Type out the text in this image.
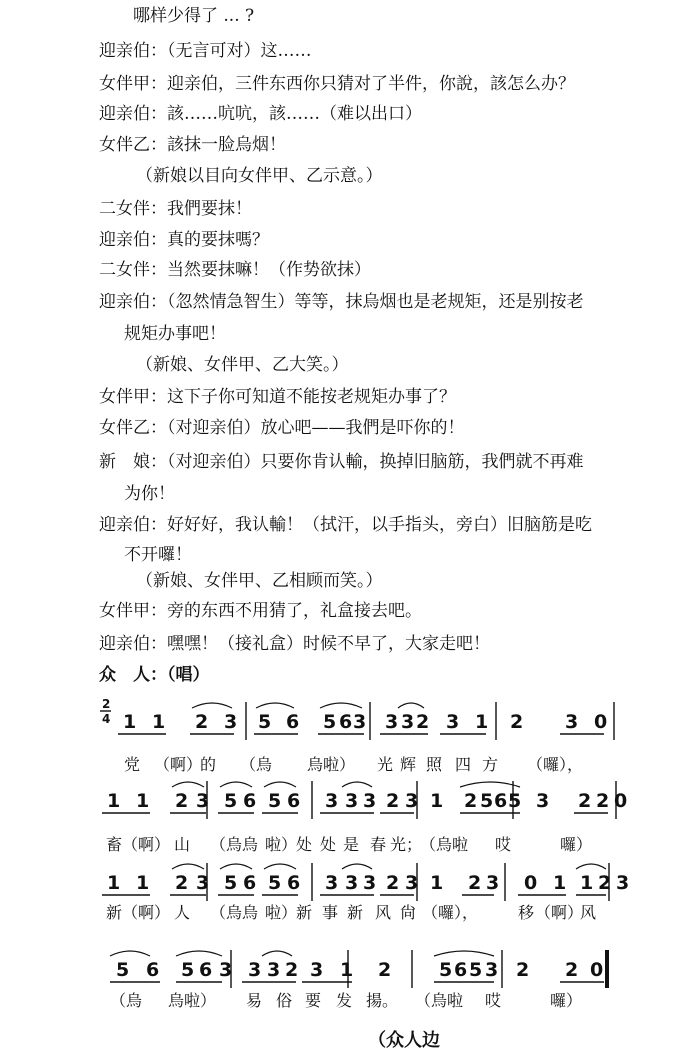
哪样少得了 ... ?
迎亲伯：（无言可对）这……
女伴甲：迎亲伯，三件东西你只猜对了半件，你說，該怎么办？
迎亲伯：該……吭吭，該……（难以出口）
女伴乙：該抹一脸烏烟！
（新娘以目向女伴甲、乙示意。）
二女伴：我們要抹！
迎亲伯：真的要抹嗎？
二女伴：当然要抹嘛！（作势欲抹）
迎亲伯：（忽然情急智生）等等，抹烏烟也是老规矩，还是别按老
规矩办事吧！
（新娘、女伴甲、乙大笑。）
女伴甲：这下子你可知道不能按老规矩办事了？
女伴乙：（对迎亲伯）放心吧——我們是吓你的！
新　娘：（对迎亲伯）只要你肯认輸，换掉旧脑筋，我們就不再难
为你！
迎亲伯：好好好，我认輸！（拭汗，以手指头，旁白）旧脑筋是吃
不开囉！
（新娘、女伴甲、乙相顾而笑。）
女伴甲：旁的东西不用猜了，礼盒接去吧。
迎亲伯：嘿嘿！（接礼盒）时候不早了，大家走吧！
众　人：（唱）
2
4 1 1 2 3 5 6 5 6 3 3 3 2 3 1 2 3 0
党 （啊）
的 （烏 烏啦） 光 辉 照 四 方 （囉），
1 1 2 3 5 6 5 6 3 3 3 2 3 1 2 5 6 5 3 2 2 0
畜 （啊） 山 （烏 烏 啦）
处 处 是 春 光；
（烏啦 哎	囉）
1 1 2 3 5 6 5 6 3 3 3 2 3 1 2 3 0 1 1 2 3
新 （啊） 人 （烏 烏 啦）
新 事 新 风 尙 （囉）， 移 （啊）
风
5 6 5 6 3 3 3 2 3 1 2	5 6 5 3 2 2 0
（烏 烏啦） 易 俗 要 发 揚。 （烏啦 哎	囉）
（众人边
